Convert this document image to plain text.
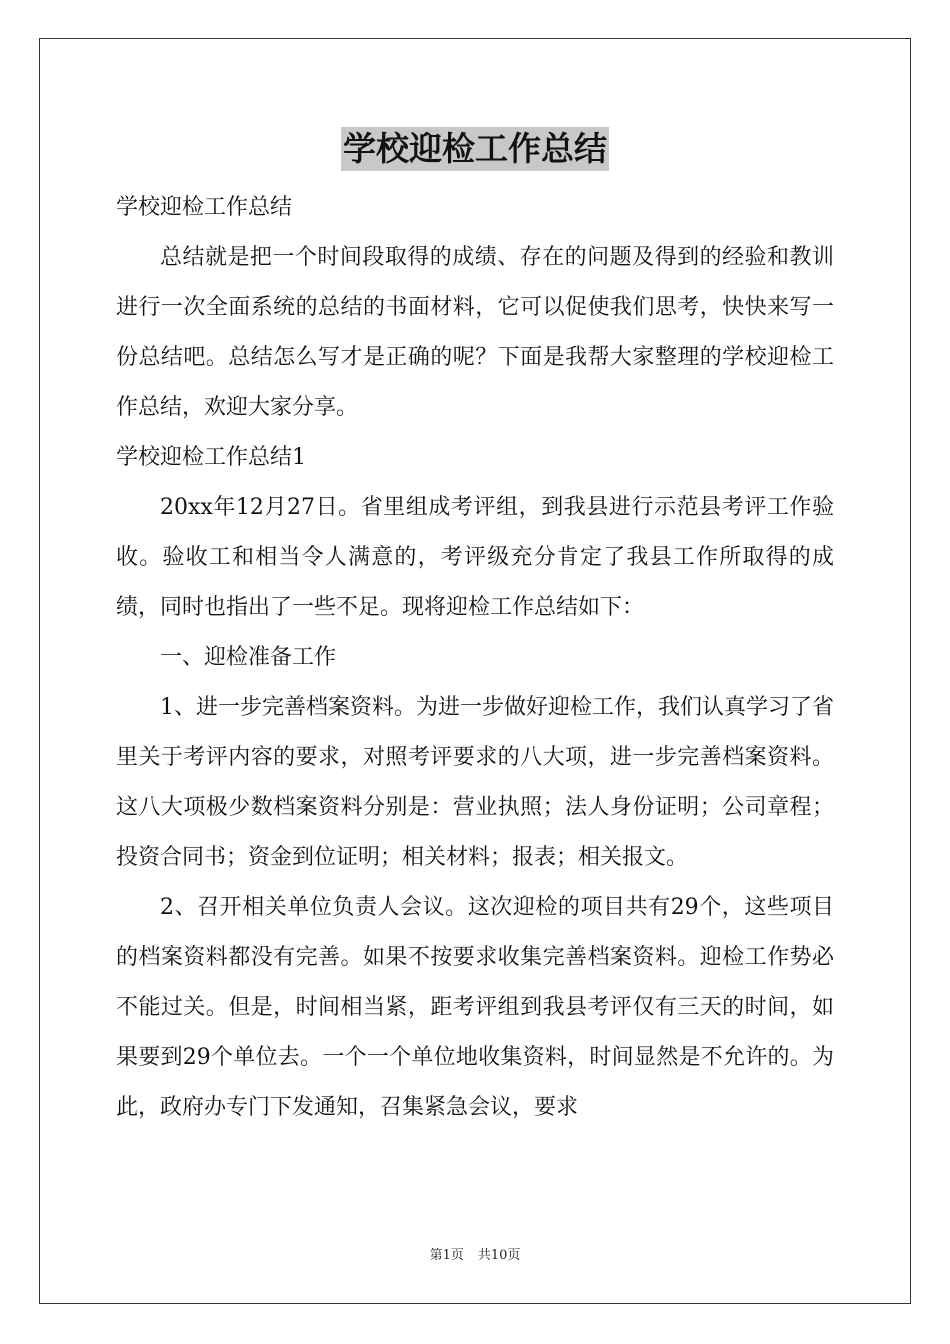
学校迎检工作总结

学校迎检工作总结

总结就是把一个时间段取得的成绩、存在的问题及得到的经验和教训进行一次全面系统的总结的书面材料，它可以促使我们思考，快快来写一份总结吧。总结怎么写才是正确的呢？下面是我帮大家整理的学校迎检工作总结，欢迎大家分享。

学校迎检工作总结1

20xx年12月27日。省里组成考评组，到我县进行示范县考评工作验收。验收工和相当令人满意的，考评级充分肯定了我县工作所取得的成绩，同时也指出了一些不足。现将迎检工作总结如下：

一、迎检准备工作

1、进一步完善档案资料。为进一步做好迎检工作，我们认真学习了省里关于考评内容的要求，对照考评要求的八大项，进一步完善档案资料。这八大项极少数档案资料分别是：营业执照；法人身份证明；公司章程；投资合同书；资金到位证明；相关材料；报表；相关报文。

2、召开相关单位负责人会议。这次迎检的项目共有29个，这些项目的档案资料都没有完善。如果不按要求收集完善档案资料。迎检工作势必不能过关。但是，时间相当紧，距考评组到我县考评仅有三天的时间，如果要到29个单位去。一个一个单位地收集资料，时间显然是不允许的。为此，政府办专门下发通知，召集紧急会议，要求

第1页 共10页
